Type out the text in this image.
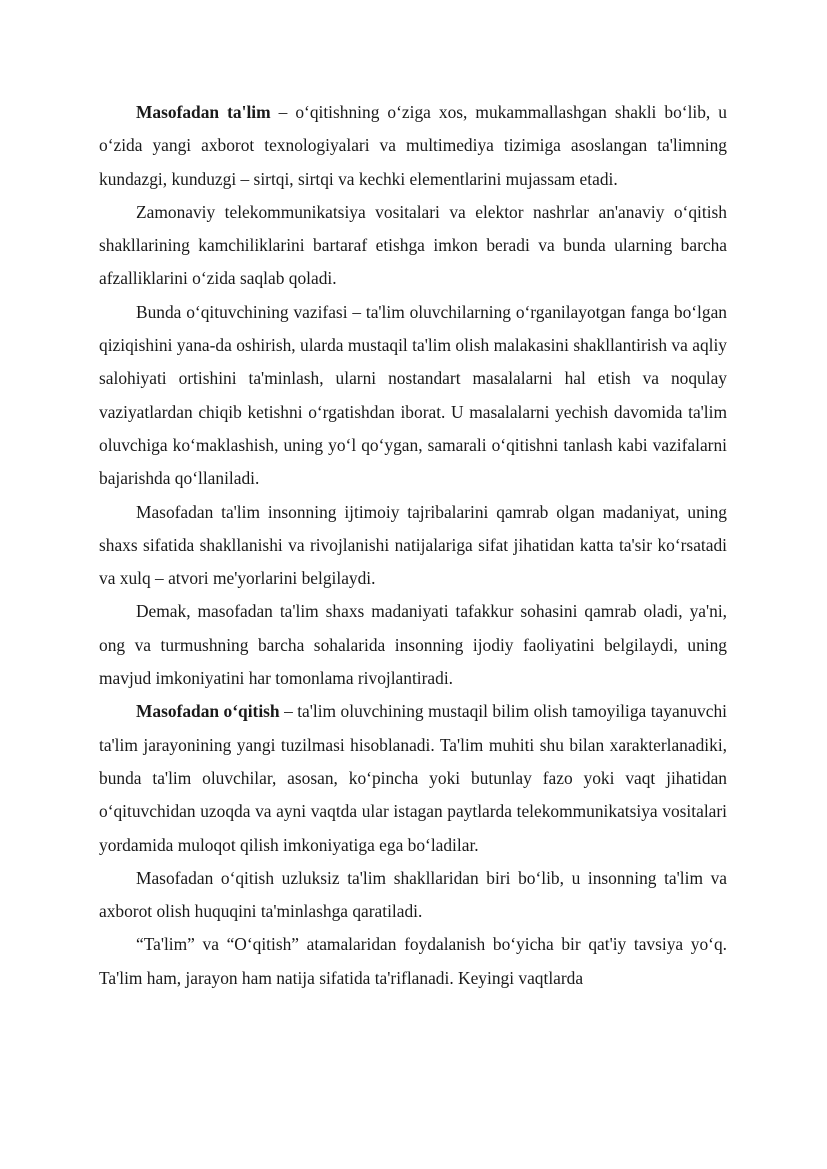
Masofadan ta'lim – o‘qitishning o‘ziga xos, mukammallashgan shakli bo‘lib, u o‘zida yangi axborot texnologiyalari va multimediya tizimiga asoslangan ta'limning kundazgi, kunduzgi – sirtqi, sirtqi va kechki elementlarini mujassam etadi.

Zamonaviy telekommunikatsiya vositalari va elektor nashrlar an'anaviy o‘qitish shakllarining kamchiliklarini bartaraf etishga imkon beradi va bunda ularning barcha afzalliklarini o‘zida saqlab qoladi.

Bunda o‘qituvchining vazifasi – ta'lim oluvchilarning o‘rganilayotgan fanga bo‘lgan qiziqishini yana-da oshirish, ularda mustaqil ta'lim olish malakasini shakllantirish va aqliy salohiyati ortishini ta'minlash, ularni nostandart masalalarni hal etish va noqulay vaziyatlardan chiqib ketishni o‘rgatishdan iborat. U masalalarni yechish davomida ta'lim oluvchiga ko‘maklashish, uning yo‘l qo‘ygan, samarali o‘qitishni tanlash kabi vazifalarni bajarishda qo‘llaniladi.

Masofadan ta'lim insonning ijtimoiy tajribalarini qamrab olgan madaniyat, uning shaxs sifatida shakllanishi va rivojlanishi natijalariga sifat jihatidan katta ta'sir ko‘rsatadi va xulq – atvori me'yorlarini belgilaydi.

Demak, masofadan ta'lim shaxs madaniyati tafakkur sohasini qamrab oladi, ya'ni, ong va turmushning barcha sohalarida insonning ijodiy faoliyatini belgilaydi, uning mavjud imkoniyatini har tomonlama rivojlantiradi.

Masofadan o‘qitish – ta'lim oluvchining mustaqil bilim olish tamoyiliga tayanuvchi ta'lim jarayonining yangi tuzilmasi hisoblanadi. Ta'lim muhiti shu bilan xarakterlanadiki, bunda ta'lim oluvchilar, asosan, ko‘pincha yoki butunlay fazo yoki vaqt jihatidan o‘qituvchidan uzoqda va ayni vaqtda ular istagan paytlarda telekommunikatsiya vositalari yordamida muloqot qilish imkoniyatiga ega bo‘ladilar.

Masofadan o‘qitish uzluksiz ta'lim shakllaridan biri bo‘lib, u insonning ta'lim va axborot olish huquqini ta'minlashga qaratiladi.

“Ta'lim” va “O‘qitish” atamalaridan foydalanish bo‘yicha bir qat'iy tavsiya yo‘q. Ta'lim ham, jarayon ham natija sifatida ta'riflanadi. Keyingi vaqtlarda
